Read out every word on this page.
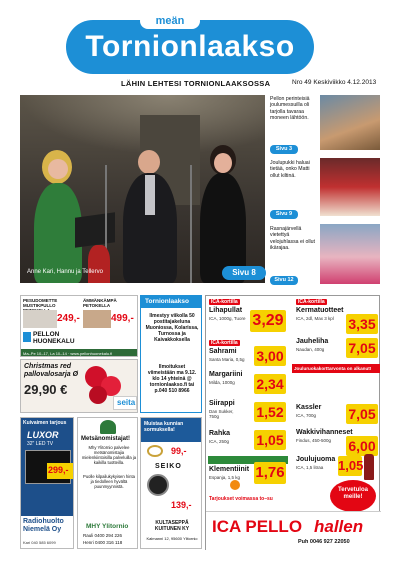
Tornionlaakso
meän
LÄHIN LEHTESI TORNIONLAAKSOSSA	Nro 49 Keskiviikko 4.12.2013
Anne Kari, Hannu ja Tellervo	Sivu 8
Pellon perinteisiä joulumessuilla oli tarjolla tavaraa moneen lähtöön.
Sivu 3
Joulupukki haluai tietää, onko Matti ollut kiltinä.
Sivu 9
Rasnajärvellä vietettyä velojuhlassa ei ollut ikärajaa.
Sivu 12
PESUDOMETTE MUSTIKPULLO
ÄMMÄNKÄMPÄ PETOKELLA
249,-	499,-
PELLON HUONEKALU
Ma–Pe 10–17, La 10–14 · www.pellonhuonekalu.fi
Tornionlaakso
Ilmestyy viikolla 50 postitajakeluna Muoniossa, Kolarissa, Turnossa ja Kaivakkoksella
Ilmoitukset viimeistään ma 9.12. klo 14 yhteinä @ tornionlaakso.fi tai p.040 510 8966
Christmas red pallovalosarja Ø
29,90 €
seita
Kuivaimen tarjous
LUXOR
32" LED TV
299,-
Radiohuolto Niemelä Oy
Kari 040 585 6099
Metsänomistajat!
Mhy Ylitornio palvelee metsänomistajia mielenkiintoisilla palveluilla ja kaikilla tuotteilla.
Puolle kilpailukykyisen hinta ja tiedolleen hyvältä puunmyynnistä.
MHY Ylitornio
Rauli 0400 294 226
Henri 0400 316 118
Muistaa kunnian sormuksella!
99,-
SEIKO
139,-
KULTASEPPÄ KUITUNEN KY
Kalmanni 12, 95600 Ylitornio
ICA-kortilla
Lihapullat
ICA, 1000g, Tuore 3,29
ICA-kortilla
Sahrami
Santa Maria, 0,5g 3,00
Margariini
Milda, 1000g	2,34
Siirappi
Dan Sukker, 750g	1,52
Rahka
ICA, 250g 1,05
Klementiinit
Espanja, 1,5 kg 1,76
Tarjoukset voimassa to–su
ICA-kortilla
Kermatuotteet
ICA, 2dl, Max 3 kpl 3,35
Jauheliha
Naudan, 400g 7,05
Jouluruokakorttarvonta on alkanut!
Kassler
ICA, 700g 7,05
Wakkivihanneset
Findus, 450-500g 6,00
Joulujuoma
ICA, 1,5 litraa 1,05
Tervetuloa meille!
ICA PELLO hallen
Puh 0046 927 22050
